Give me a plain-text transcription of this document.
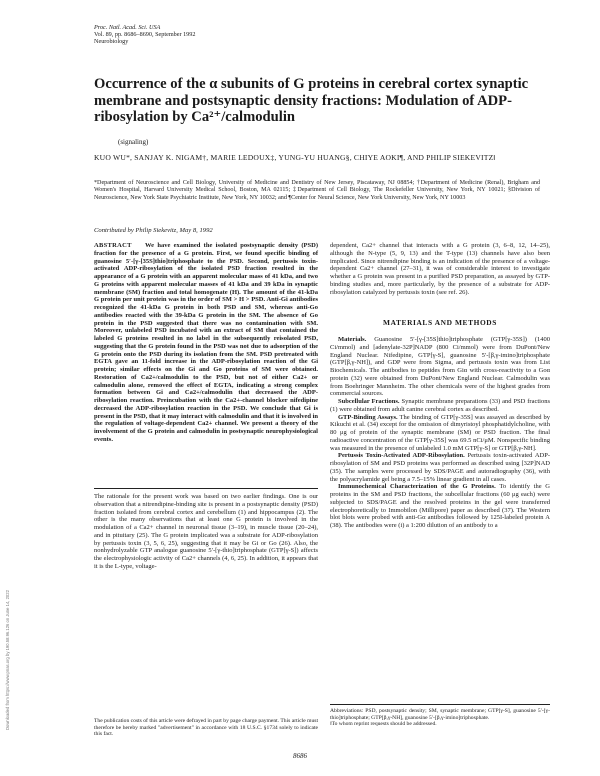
Proc. Natl. Acad. Sci. USA
Vol. 89, pp. 8686–8690, September 1992
Neurobiology
Occurrence of the α subunits of G proteins in cerebral cortex synaptic membrane and postsynaptic density fractions: Modulation of ADP-ribosylation by Ca²⁺/calmodulin
(signaling)
KUO WU*, SANJAY K. NIGAM†, MARIE LEDOUX‡, YUNG-YU HUANG§, CHIYE AOKI¶, AND PHILIP SIEKEVITZ‖
*Department of Neuroscience and Cell Biology, University of Medicine and Dentistry of New Jersey, Piscataway, NJ 08854; †Department of Medicine (Renal), Brigham and Women's Hospital, Harvard University Medical School, Boston, MA 02115; ‡Department of Cell Biology, The Rockefeller University, New York, NY 10021; §Division of Neuroscience, New York State Psychiatric Institute, New York, NY 10032; and ¶Center for Neural Science, New York University, New York, NY 10003
Contributed by Philip Siekevitz, May 8, 1992

ABSTRACT We have examined the isolated postsynaptic density (PSD) fraction for the presence of a G protein. First, we found specific binding of guanosine 5′-[γ-[35S]thio]triphosphate to the PSD. Second, pertussis toxin-activated ADP-ribosylation of the isolated PSD fraction resulted in the appearance of a G protein with an apparent molecular mass of 41 kDa, and two G proteins with apparent molecular masses of 41 kDa and 39 kDa in synaptic membrane (SM) fraction and total homogenate (H). The amount of the 41-kDa G protein per unit protein was in the order of SM > H > PSD. Anti-Gi antibodies recognized the 41-kDa G protein in both PSD and SM, whereas anti-Go antibodies reacted with the 39-kDa G protein in the SM. The absence of Go protein in the PSD suggested that there was no contamination with SM. Moreover, unlabeled PSD incubated with an extract of SM that contained the labeled G proteins resulted in no label in the subsequently reisolated PSD, suggesting that the G protein found in the PSD was not due to adsorption of the G protein onto the PSD during its isolation from the SM. PSD pretreated with EGTA gave an 11-fold increase in the ADP-ribosylation reaction of the Gi protein; similar effects on the Gi and Go proteins of SM were obtained. Restoration of Ca2+/calmodulin to the PSD, but not of either Ca2+ or calmodulin alone, removed the effect of EGTA, indicating a strong complex formation between Gi and Ca2+/calmodulin that decreased the ADP-ribosylation reaction. Preincubation with the Ca2+-channel blocker nifedipine decreased the ADP-ribosylation reaction in the PSD. We conclude that Gi is present in the PSD, that it may interact with calmodulin and that it is involved in the regulation of voltage-dependent Ca2+ channel. We present a theory of the involvement of the G protein and calmodulin in postsynaptic neurophysiological events.

The rationale for the present work was based on two earlier findings. One is our observation that a nitrendipine-binding site is present in a postsynaptic density (PSD) fraction isolated from cerebral cortex and cerebellum (1) and hippocampus (2). The other is the many observations that at least one G protein is involved in the modulation of a Ca2+ channel in neuronal tissue (3–19), in muscle tissue (20–24), and in pituitary (25). The G protein implicated was a substrate for ADP-ribosylation by pertussis toxin (3, 5, 6, 25), suggesting that it may be Gi or Go (26). Also, the nonhydrolyzable GTP analogue guanosine 5′-[γ-thio]triphosphate (GTP[γ-S]) affects the electrophysiologic activity of Ca2+ channels (4, 6, 25). In addition, it appears that it is the L-type, voltage-

The publication costs of this article were defrayed in part by page charge payment. This article must therefore be hereby marked "advertisement" in accordance with 18 U.S.C. §1734 solely to indicate this fact.

dependent, Ca2+ channel that interacts with a G protein (3, 6–8, 12, 14–25), although the N-type (5, 9, 13) and the T-type (13) channels have also been implicated. Since nitrendipine binding is an indication of the presence of a voltage-dependent Ca2+ channel (27–31), it was of considerable interest to investigate whether a G protein was present in a purified PSD preparation, as assayed by GTP-binding studies and, more particularly, by the presence of a substrate for ADP-ribosylation catalyzed by pertussis toxin (see ref. 26).

MATERIALS AND METHODS

Materials. Guanosine 5′-[γ-[35S]thio]triphosphate (GTP[γ-35S]) (1400 Ci/mmol) and [adenylate-32P]NADP (800 Ci/mmol) were from DuPont/New England Nuclear. Nifedipine, GTP[γ-S], guanosine 5′-[β,γ-imino]triphosphate (GTP[β,γ-NH]), and GDP were from Sigma, and pertussis toxin was from List Biochemicals. The antibodies to peptides from Giα with cross-reactivity to a Goα protein (32) were obtained from DuPont/New England Nuclear. Calmodulin was from Boehringer Mannheim. The other chemicals were of the highest grades from commercial sources.

Subcellular Fractions. Synaptic membrane preparations (33) and PSD fractions (1) were obtained from adult canine cerebral cortex as described.

GTP-Binding Assays. The binding of GTP[γ-35S] was assayed as described by Kikuchi et al. (34) except for the omission of dimyristoyl phosphatidylcholine, with 80 μg of protein of the synaptic membrane (SM) or PSD fraction. The final radioactive concentration of the GTP[γ-35S] was 69.5 nCi/μM. Nonspecific binding was measured in the presence of unlabeled 1.0 mM GTP[γ-S] or GTP[β,γ-NH].

Pertussis Toxin-Activated ADP-Ribosylation. Pertussis toxin-activated ADP-ribosylation of SM and PSD proteins was performed as described using [32P]NAD (35). The samples were processed by SDS/PAGE and autoradiography (36), with the polyacrylamide gel being a 7.5–15% linear gradient in all cases.

Immunochemical Characterization of the G Proteins. To identify the G proteins in the SM and PSD fractions, the subcellular fractions (60 μg each) were subjected to SDS/PAGE and the resolved proteins in the gel were transferred electrophoretically to Immobilon (Millipore) paper as described (37). The Western blot blots were probed with anti-Gα antibodies followed by 125I-labeled protein A (38). The antibodies were (i) a 1:200 dilution of an antibody to a

Abbreviations: PSD, postsynaptic density; SM, synaptic membrane; GTP[γ-S], guanosine 5′-[γ-thio]triphosphate; GTP[β,γ-NH], guanosine 5′-[β,γ-imino]triphosphate.
‖To whom reprint requests should be addressed.
Downloaded from https://www.pnas.org by 190.58.96.126 on June 14, 2022
8686
